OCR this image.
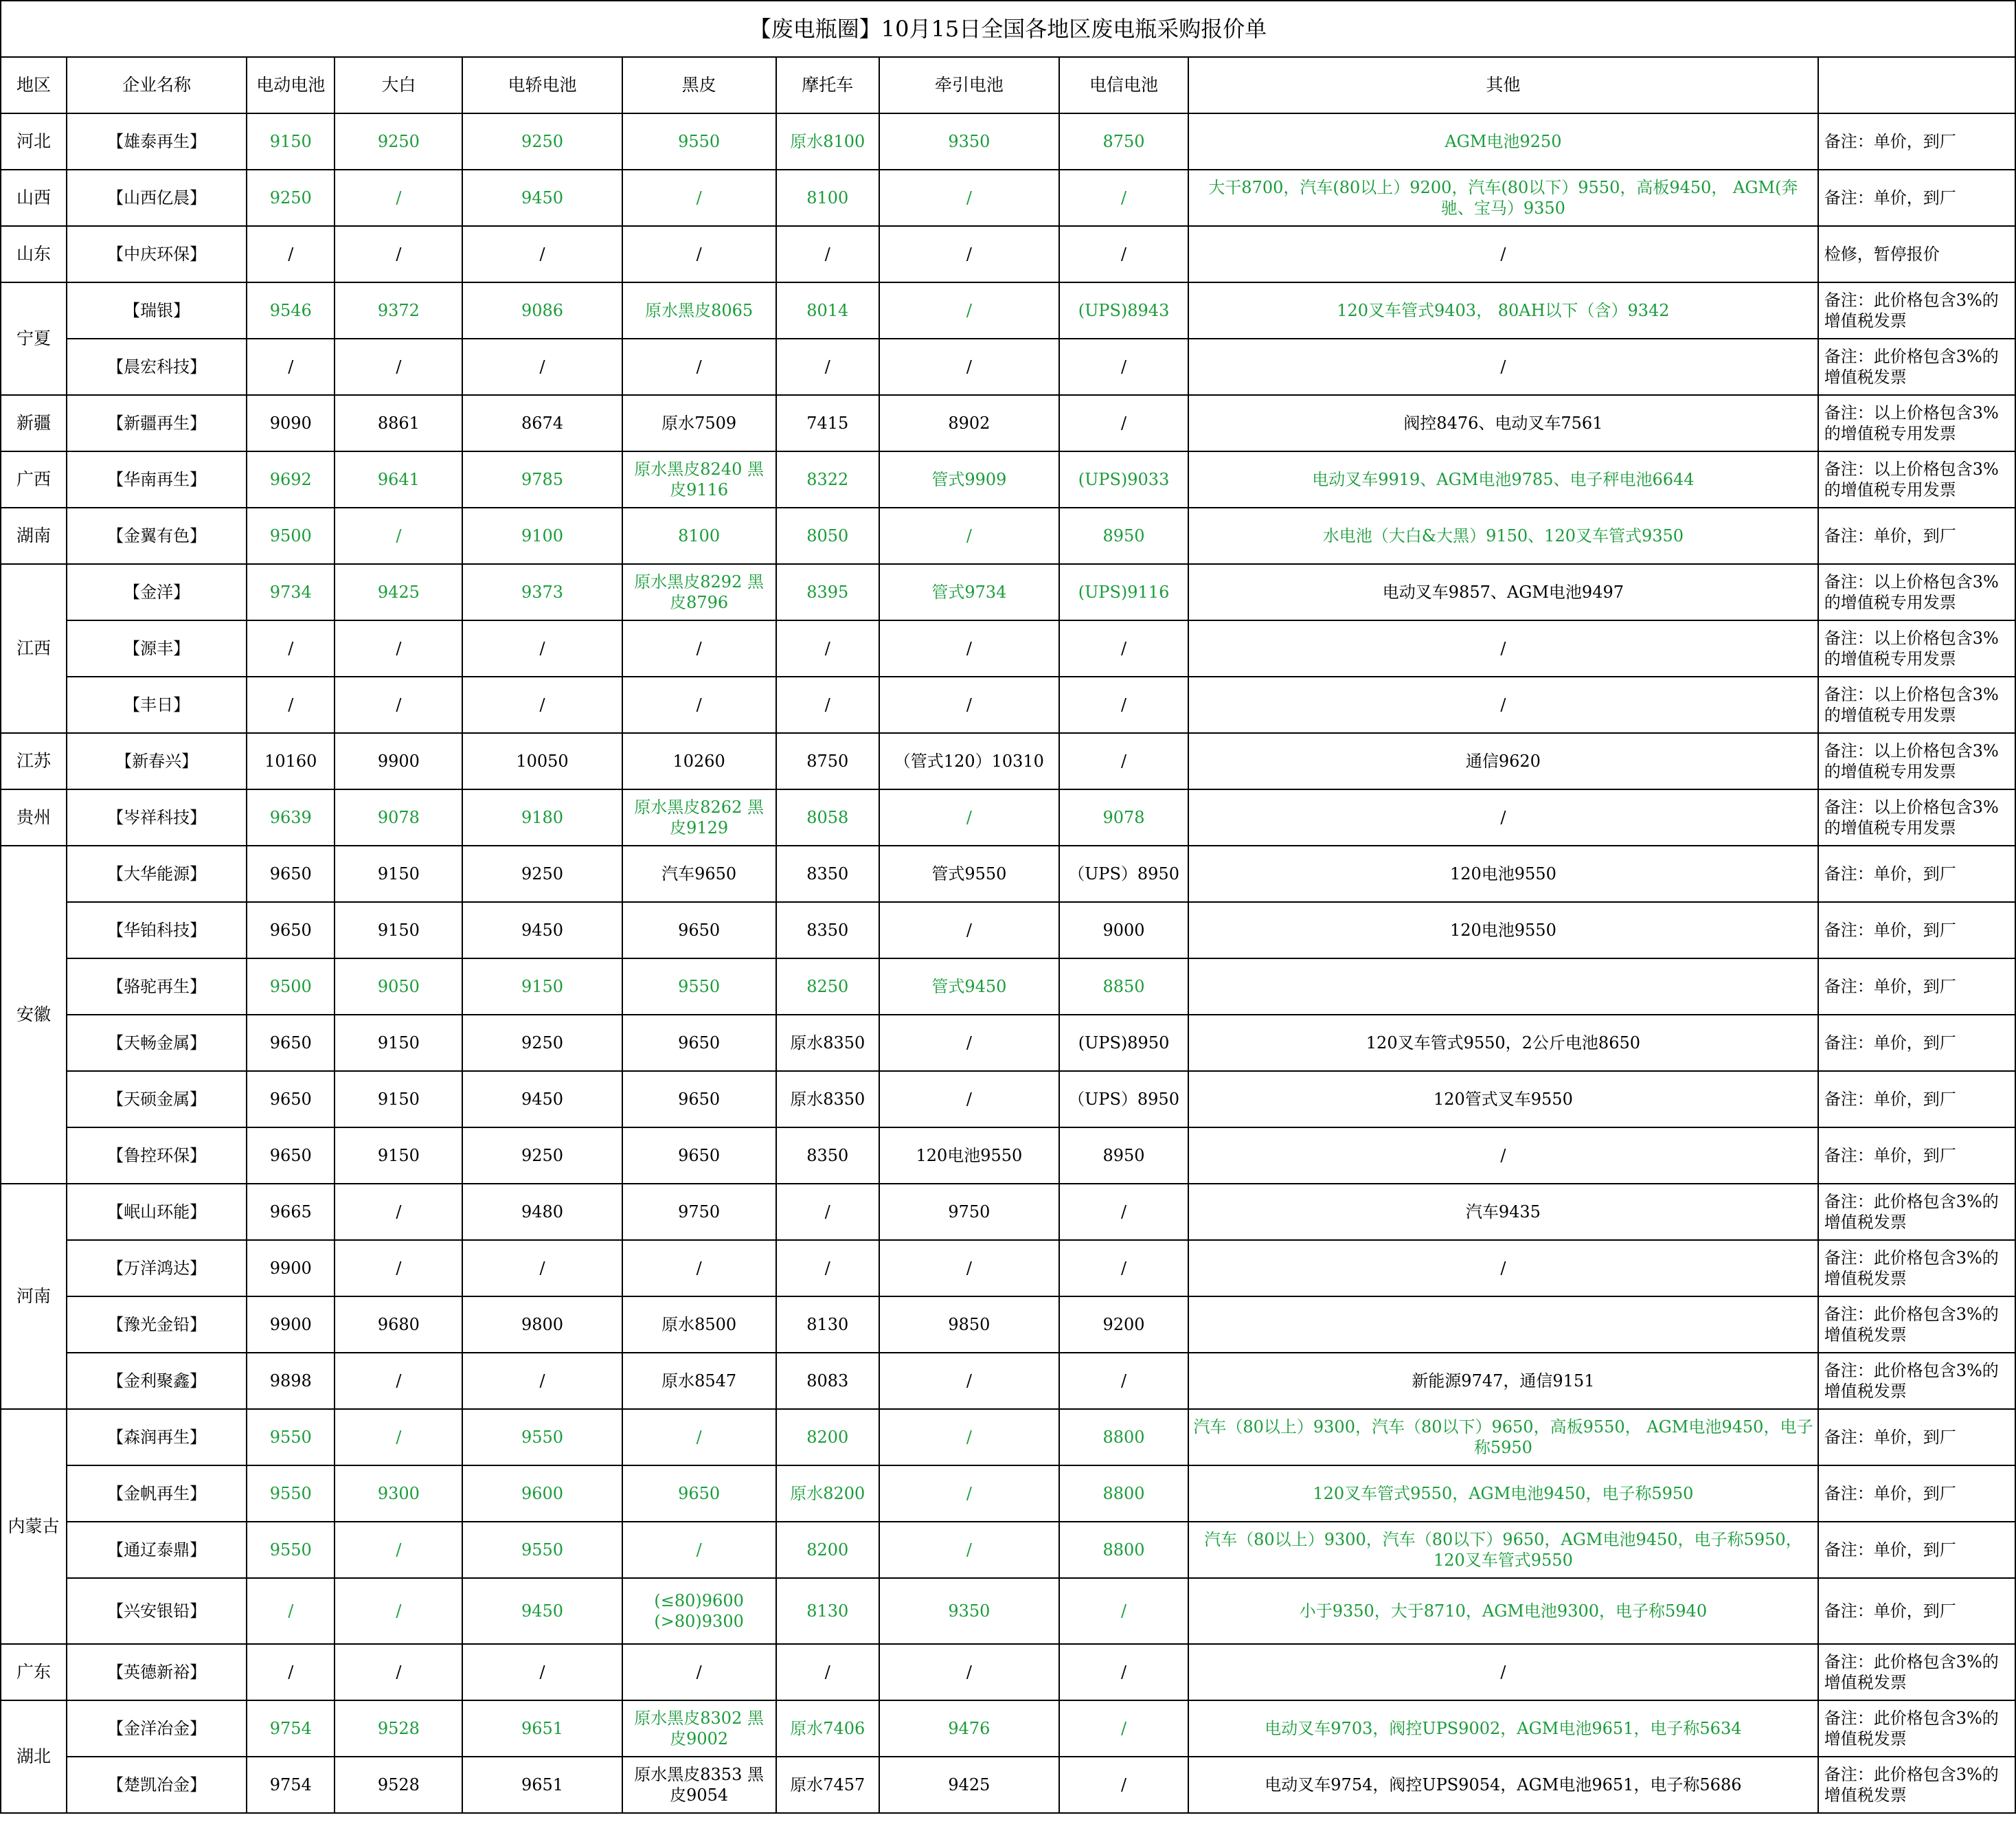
【废电瓶圈】10月15日全国各地区废电瓶采购报价单										
地区	企业名称	电动电池	大白	电轿电池	黑皮	摩托车	牵引电池	电信电池	其他	
河北	【雄泰再生】	9150	9250	9250	9550	原水8100	9350	8750	AGM电池9250	备注：单价，到厂
山西	【山西亿晨】	9250	/	9450	/	8100	/	/	大干8700，汽车(80以上）9200，汽车(80以下）9550，高板9450， AGM(奔驰、宝马）9350	备注：单价，到厂
山东	【中庆环保】	/	/	/	/	/	/	/	/	检修，暂停报价
宁夏	【瑞银】	9546	9372	9086	原水黑皮8065	8014	/	(UPS)8943	120叉车管式9403， 80AH以下（含）9342	备注：此价格包含3%的增值税发票
	【晨宏科技】	/	/	/	/	/	/	/	/	备注：此价格包含3%的增值税发票
新疆	【新疆再生】	9090	8861	8674	原水7509	7415	8902	/	阀控8476、电动叉车7561	备注：以上价格包含3%的增值税专用发票
广西	【华南再生】	9692	9641	9785	原水黑皮8240 黑皮9116	8322	管式9909	(UPS)9033	电动叉车9919、AGM电池9785、电子秤电池6644	备注：以上价格包含3%的增值税专用发票
湖南	【金翼有色】	9500	/	9100	8100	8050	/	8950	水电池（大白&大黑）9150、120叉车管式9350	备注：单价，到厂
江西	【金洋】	9734	9425	9373	原水黑皮8292 黑皮8796	8395	管式9734	(UPS)9116	电动叉车9857、AGM电池9497	备注：以上价格包含3%的增值税专用发票
	【源丰】	/	/	/	/	/	/	/	/	备注：以上价格包含3%的增值税专用发票
	【丰日】	/	/	/	/	/	/	/	/	备注：以上价格包含3%的增值税专用发票
江苏	【新春兴】	10160	9900	10050	10260	8750	（管式120）10310	/	通信9620	备注：以上价格包含3%的增值税专用发票
贵州	【岑祥科技】	9639	9078	9180	原水黑皮8262 黑皮9129	8058	/	9078	/	备注：以上价格包含3%的增值税专用发票
安徽	【大华能源】	9650	9150	9250	汽车9650	8350	管式9550	（UPS）8950	120电池9550	备注：单价，到厂
	【华铂科技】	9650	9150	9450	9650	8350	/	9000	120电池9550	备注：单价，到厂
	【骆驼再生】	9500	9050	9150	9550	8250	管式9450	8850		备注：单价，到厂
	【天畅金属】	9650	9150	9250	9650	原水8350	/	(UPS)8950	120叉车管式9550，2公斤电池8650	备注：单价，到厂
	【天硕金属】	9650	9150	9450	9650	原水8350	/	（UPS）8950	120管式叉车9550	备注：单价，到厂
	【鲁控环保】	9650	9150	9250	9650	8350	120电池9550	8950	/	备注：单价，到厂
河南	【岷山环能】	9665	/	9480	9750	/	9750	/	汽车9435	备注：此价格包含3%的增值税发票
	【万洋鸿达】	9900	/	/	/	/	/	/	/	备注：此价格包含3%的增值税发票
	【豫光金铅】	9900	9680	9800	原水8500	8130	9850	9200		备注：此价格包含3%的增值税发票
	【金利聚鑫】	9898	/	/	原水8547	8083	/	/	新能源9747，通信9151	备注：此价格包含3%的增值税发票
内蒙古	【森润再生】	9550	/	9550	/	8200	/	8800	汽车（80以上）9300，汽车（80以下）9650，高板9550， AGM电池9450，电子称5950	备注：单价，到厂
	【金帆再生】	9550	9300	9600	9650	原水8200	/	8800	120叉车管式9550，AGM电池9450，电子称5950	备注：单价，到厂
	【通辽泰鼎】	9550	/	9550	/	8200	/	8800	汽车（80以上）9300，汽车（80以下）9650，AGM电池9450，电子称5950， 120叉车管式9550	备注：单价，到厂
	【兴安银铅】	/	/	9450	(≤80)9600 (>80)9300	8130	9350	/	小于9350，大于8710，AGM电池9300，电子称5940	备注：单价，到厂
广东	【英德新裕】	/	/	/	/	/	/	/	/	备注：此价格包含3%的增值税发票
湖北	【金洋冶金】	9754	9528	9651	原水黑皮8302 黑皮9002	原水7406	9476	/	电动叉车9703，阀控UPS9002，AGM电池9651，电子称5634	备注：此价格包含3%的增值税发票
	【楚凯冶金】	9754	9528	9651	原水黑皮8353 黑皮9054	原水7457	9425	/	电动叉车9754，阀控UPS9054，AGM电池9651，电子称5686	备注：此价格包含3%的增值税发票
